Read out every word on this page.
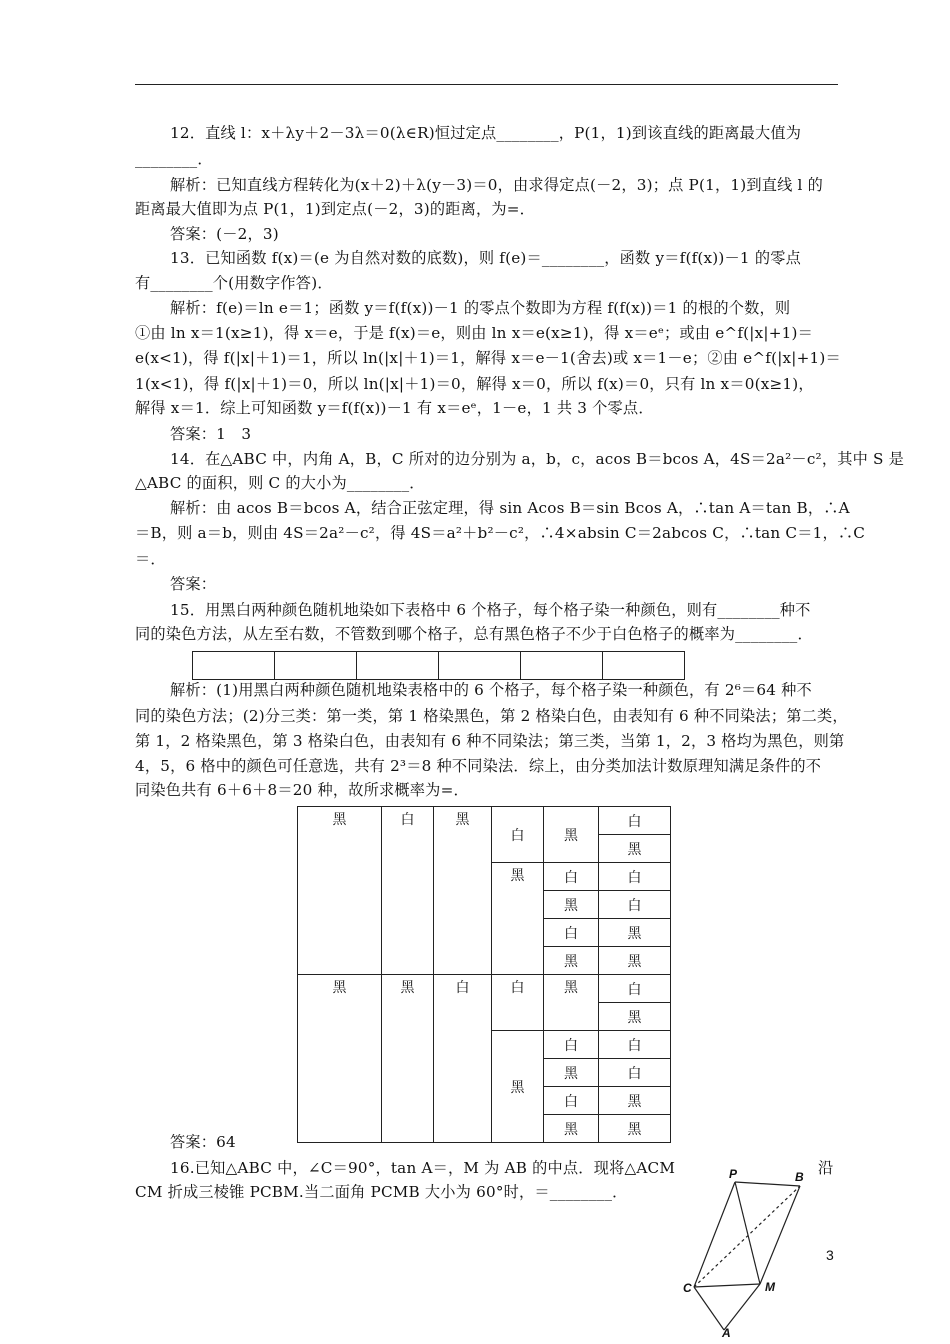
12．直线 l：x＋λy＋2－3λ＝0(λ∈R)恒过定点________，P(1，1)到该直线的距离最大值为
________．
解析：已知直线方程转化为(x＋2)＋λ(y－3)＝0，由求得定点(－2，3)；点 P(1，1)到直线 l 的
距离最大值即为点 P(1，1)到定点(－2，3)的距离，为=．
答案：(－2，3)
13．已知函数 f(x)＝(e 为自然对数的底数)，则 f(e)＝________，函数 y＝f(f(x))－1 的零点
有________个(用数字作答)．
解析：f(e)＝ln e＝1；函数 y＝f(f(x))－1 的零点个数即为方程 f(f(x))＝1 的根的个数，则
①由 ln x＝1(x≥1)，得 x＝e，于是 f(x)＝e，则由 ln x＝e(x≥1)，得 x＝eᵉ；或由 e^f(|x|+1)＝
e(x<1)，得 f(|x|＋1)＝1，所以 ln(|x|＋1)＝1，解得 x＝e－1(舍去)或 x＝1－e；②由 e^f(|x|+1)＝
1(x<1)，得 f(|x|＋1)＝0，所以 ln(|x|＋1)＝0，解得 x＝0，所以 f(x)＝0，只有 ln x＝0(x≥1)，
解得 x＝1．综上可知函数 y＝f(f(x))－1 有 x＝eᵉ，1－e，1 共 3 个零点．
答案：1　3
14．在△ABC 中，内角 A，B，C 所对的边分别为 a，b，c，acos B＝bcos A，4S＝2a²－c²，其中 S 是
△ABC 的面积，则 C 的大小为________．
解析：由 acos B＝bcos A，结合正弦定理，得 sin Acos B＝sin Bcos A，∴tan A＝tan B，∴A
＝B，则 a＝b，则由 4S＝2a²－c²，得 4S＝a²＋b²－c²，∴4×absin C＝2abcos C，∴tan C＝1，∴C
＝．
答案：
15．用黑白两种颜色随机地染如下表格中 6 个格子，每个格子染一种颜色，则有________种不
同的染色方法，从左至右数，不管数到哪个格子，总有黑色格子不少于白色格子的概率为________．

解析：(1)用黑白两种颜色随机地染表格中的 6 个格子，每个格子染一种颜色，有 2⁶＝64 种不
同的染色方法；(2)分三类：第一类，第 1 格染黑色，第 2 格染白色，由表知有 6 种不同染法；第二类，
第 1，2 格染黑色，第 3 格染白色，由表知有 6 种不同染法；第三类，当第 1，2，3 格均为黑色，则第
4，5，6 格中的颜色可任意选，共有 2³＝8 种不同染法．综上，由分类加法计数原理知满足条件的不
同染色共有 6＋6＋8＝20 种，故所求概率为=．
黑	白	黑	白	黑	白
					黑
			黑	白	白
				黑	白
				白	黑
				黑	黑
黑	黑	白	白	黑	白
					黑
			黑	白	白
				黑	白
				白	黑
				黑	黑
答案：64
16.已知△ABC 中，∠C＝90°，tan A＝，M 为 AB 的中点．现将△ACM	沿
CM 折成三棱锥 PCBM.当二面角 PCMB 大小为 60°时，＝________．
P	B
C	M
A
3
